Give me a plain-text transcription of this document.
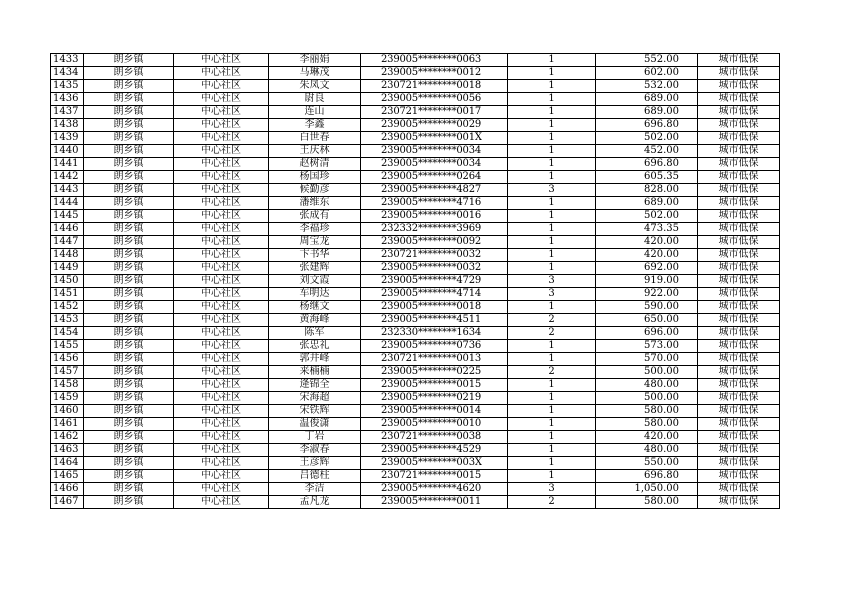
1433	朗乡镇	中心社区	李丽娟	239005********0063	1	552.00	城市低保
1434	朗乡镇	中心社区	马琳茂	239005********0012	1	602.00	城市低保
1435	朗乡镇	中心社区	朱凤文	230721********0018	1	532.00	城市低保
1436	朗乡镇	中心社区	尉良	239005********0056	1	689.00	城市低保
1437	朗乡镇	中心社区	连山	230721********0017	1	689.00	城市低保
1438	朗乡镇	中心社区	李鑫	239005********0029	1	696.80	城市低保
1439	朗乡镇	中心社区	白世春	239005********001X	1	502.00	城市低保
1440	朗乡镇	中心社区	王庆林	239005********0034	1	452.00	城市低保
1441	朗乡镇	中心社区	赵树清	239005********0034	1	696.80	城市低保
1442	朗乡镇	中心社区	杨国珍	239005********0264	1	605.35	城市低保
1443	朗乡镇	中心社区	候勤彦	239005********4827	3	828.00	城市低保
1444	朗乡镇	中心社区	潘维东	239005********4716	1	689.00	城市低保
1445	朗乡镇	中心社区	张成有	239005********0016	1	502.00	城市低保
1446	朗乡镇	中心社区	李福珍	232332********3969	1	473.35	城市低保
1447	朗乡镇	中心社区	周宝龙	239005********0092	1	420.00	城市低保
1448	朗乡镇	中心社区	卞书华	230721********0032	1	420.00	城市低保
1449	朗乡镇	中心社区	张建辉	239005********0032	1	692.00	城市低保
1450	朗乡镇	中心社区	刘文霞	239005********4729	3	919.00	城市低保
1451	朗乡镇	中心社区	车明达	239005********4714	3	922.00	城市低保
1452	朗乡镇	中心社区	杨继文	239005********0018	1	590.00	城市低保
1453	朗乡镇	中心社区	黄海峰	239005********4511	2	650.00	城市低保
1454	朗乡镇	中心社区	陈军	232330********1634	2	696.00	城市低保
1455	朗乡镇	中心社区	张忠礼	239005********0736	1	573.00	城市低保
1456	朗乡镇	中心社区	郭井峰	230721********0013	1	570.00	城市低保
1457	朗乡镇	中心社区	来楠楠	239005********0225	2	500.00	城市低保
1458	朗乡镇	中心社区	逄锦全	239005********0015	1	480.00	城市低保
1459	朗乡镇	中心社区	宋海超	239005********0219	1	500.00	城市低保
1460	朗乡镇	中心社区	宋铁辉	239005********0014	1	580.00	城市低保
1461	朗乡镇	中心社区	温俊潇	239005********0010	1	580.00	城市低保
1462	朗乡镇	中心社区	丁岩	230721********0038	1	420.00	城市低保
1463	朗乡镇	中心社区	李淑春	239005********4529	1	480.00	城市低保
1464	朗乡镇	中心社区	王彦辉	239005********003X	1	550.00	城市低保
1465	朗乡镇	中心社区	吕德柱	230721********0015	1	696.80	城市低保
1466	朗乡镇	中心社区	李洁	239005********4620	3	1,050.00	城市低保
1467	朗乡镇	中心社区	孟凡龙	239005********0011	2	580.00	城市低保
